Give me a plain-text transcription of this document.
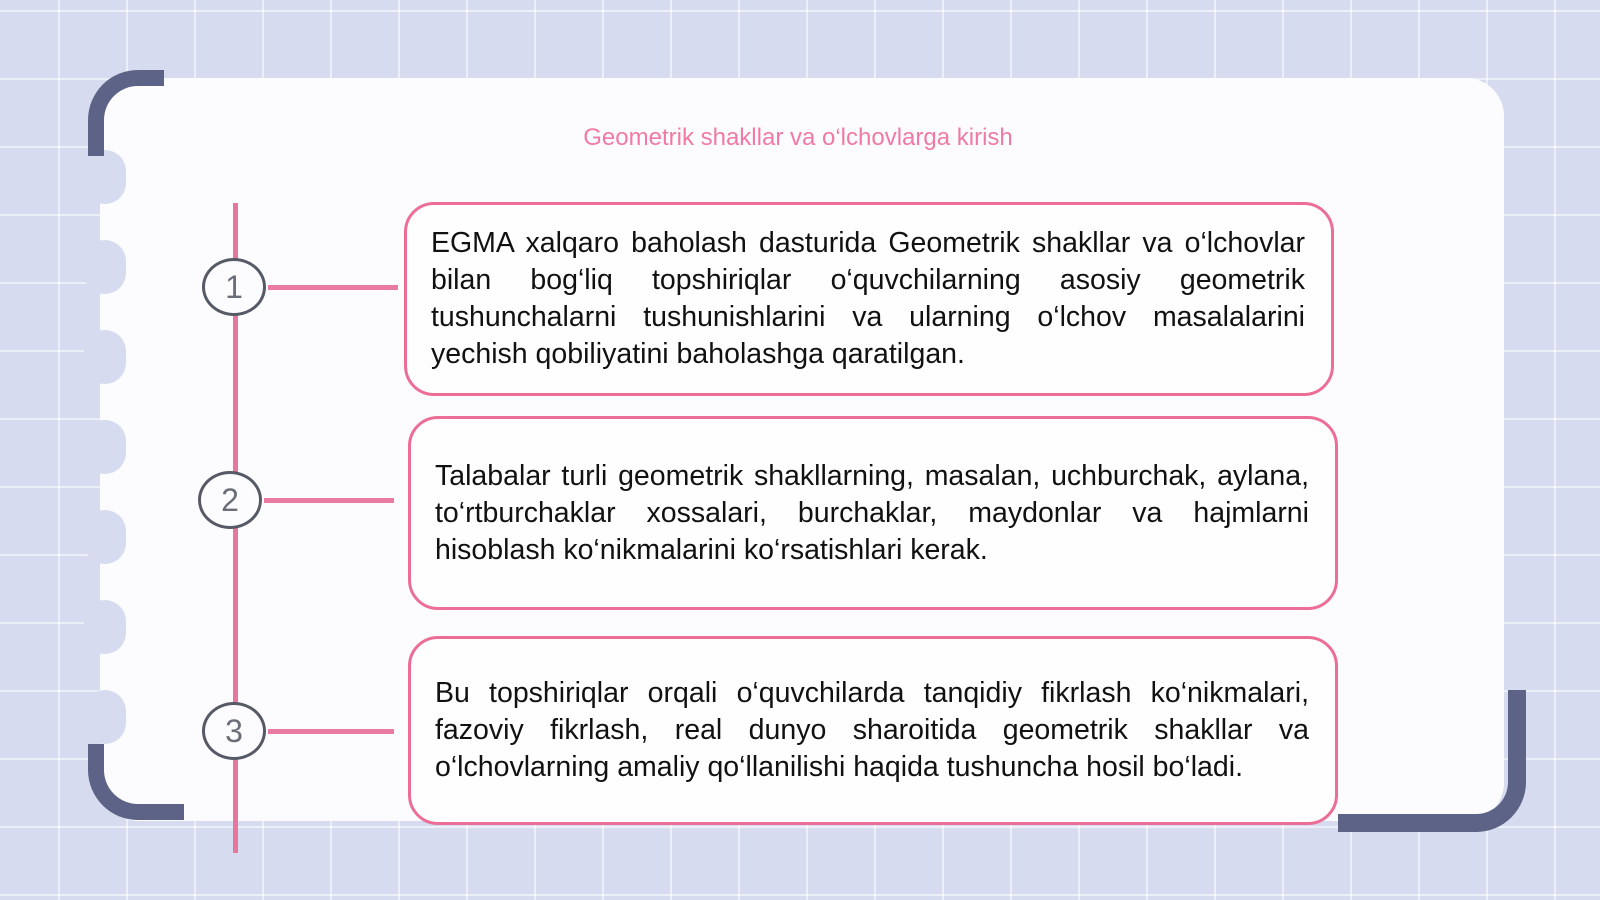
Geometrik shakllar va o‘lchovlarga kirish
1

EGMA xalqaro baholash dasturida Geometrik shakllar va o‘lchovlar bilan bog‘liq topshiriqlar o‘quvchilarning asosiy geometrik tushunchalarni tushunishlarini va ularning o‘lchov masalalarini yechish qobiliyatini baholashga qaratilgan.

2

Talabalar turli geometrik shakllarning, masalan, uchburchak, aylana, to‘rtburchaklar xossalari, burchaklar, maydonlar va hajmlarni hisoblash ko‘nikmalarini ko‘rsatishlari kerak.

3

Bu topshiriqlar orqali o‘quvchilarda tanqidiy fikrlash ko‘nikmalari, fazoviy fikrlash, real dunyo sharoitida geometrik shakllar va o‘lchovlarning amaliy qo‘llanilishi haqida tushuncha hosil bo‘ladi.
